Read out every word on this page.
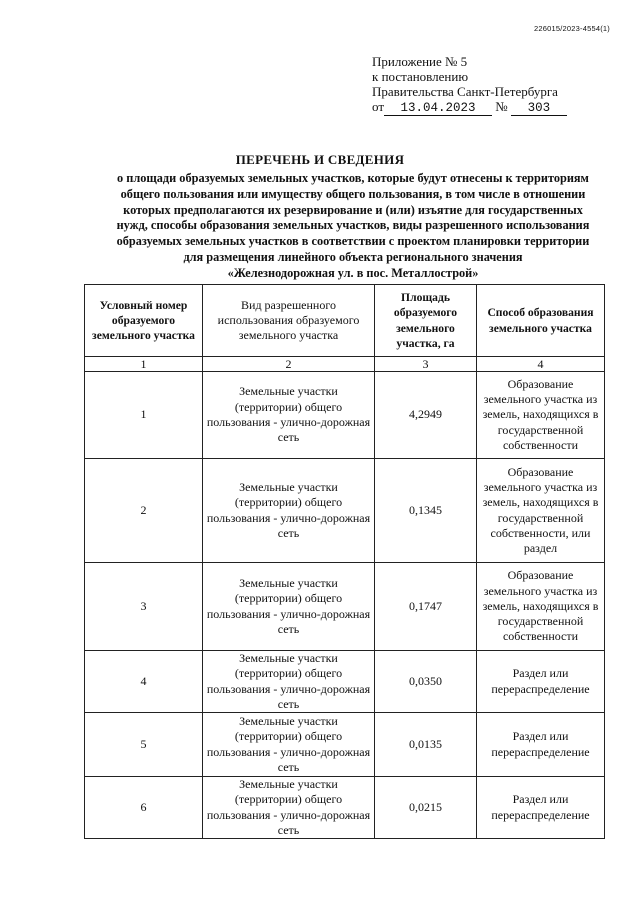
226015/2023-4554(1)
Приложение № 5
к постановлению
Правительства Санкт-Петербурга
от 13.04.2023 № 303
ПЕРЕЧЕНЬ И СВЕДЕНИЯ
о площади образуемых земельных участков, которые будут отнесены к территориям
общего пользования или имуществу общего пользования, в том числе в отношении
которых предполагаются их резервирование и (или) изъятие для государственных
нужд, способы образования земельных участков, виды разрешенного использования
образуемых земельных участков в соответствии с проектом планировки территории
для размещения линейного объекта регионального значения
«Железнодорожная ул. в пос. Металлострой»
Условный номер образуемого земельного участка	Вид разрешенного использования образуемого земельного участка	Площадь образуемого земельного участка, га	Способ образования земельного участка
1	2	3	4
1	Земельные участки (территории) общего пользования - улично-дорожная сеть	4,2949	Образование земельного участка из земель, находящихся в государственной собственности
2	Земельные участки (территории) общего пользования - улично-дорожная сеть	0,1345	Образование земельного участка из земель, находящихся в государственной собственности, или раздел
3	Земельные участки (территории) общего пользования - улично-дорожная сеть	0,1747	Образование земельного участка из земель, находящихся в государственной собственности
4	Земельные участки (территории) общего пользования - улично-дорожная сеть	0,0350	Раздел или перераспределение
5	Земельные участки (территории) общего пользования - улично-дорожная сеть	0,0135	Раздел или перераспределение
6	Земельные участки (территории) общего пользования - улично-дорожная сеть	0,0215	Раздел или перераспределение
